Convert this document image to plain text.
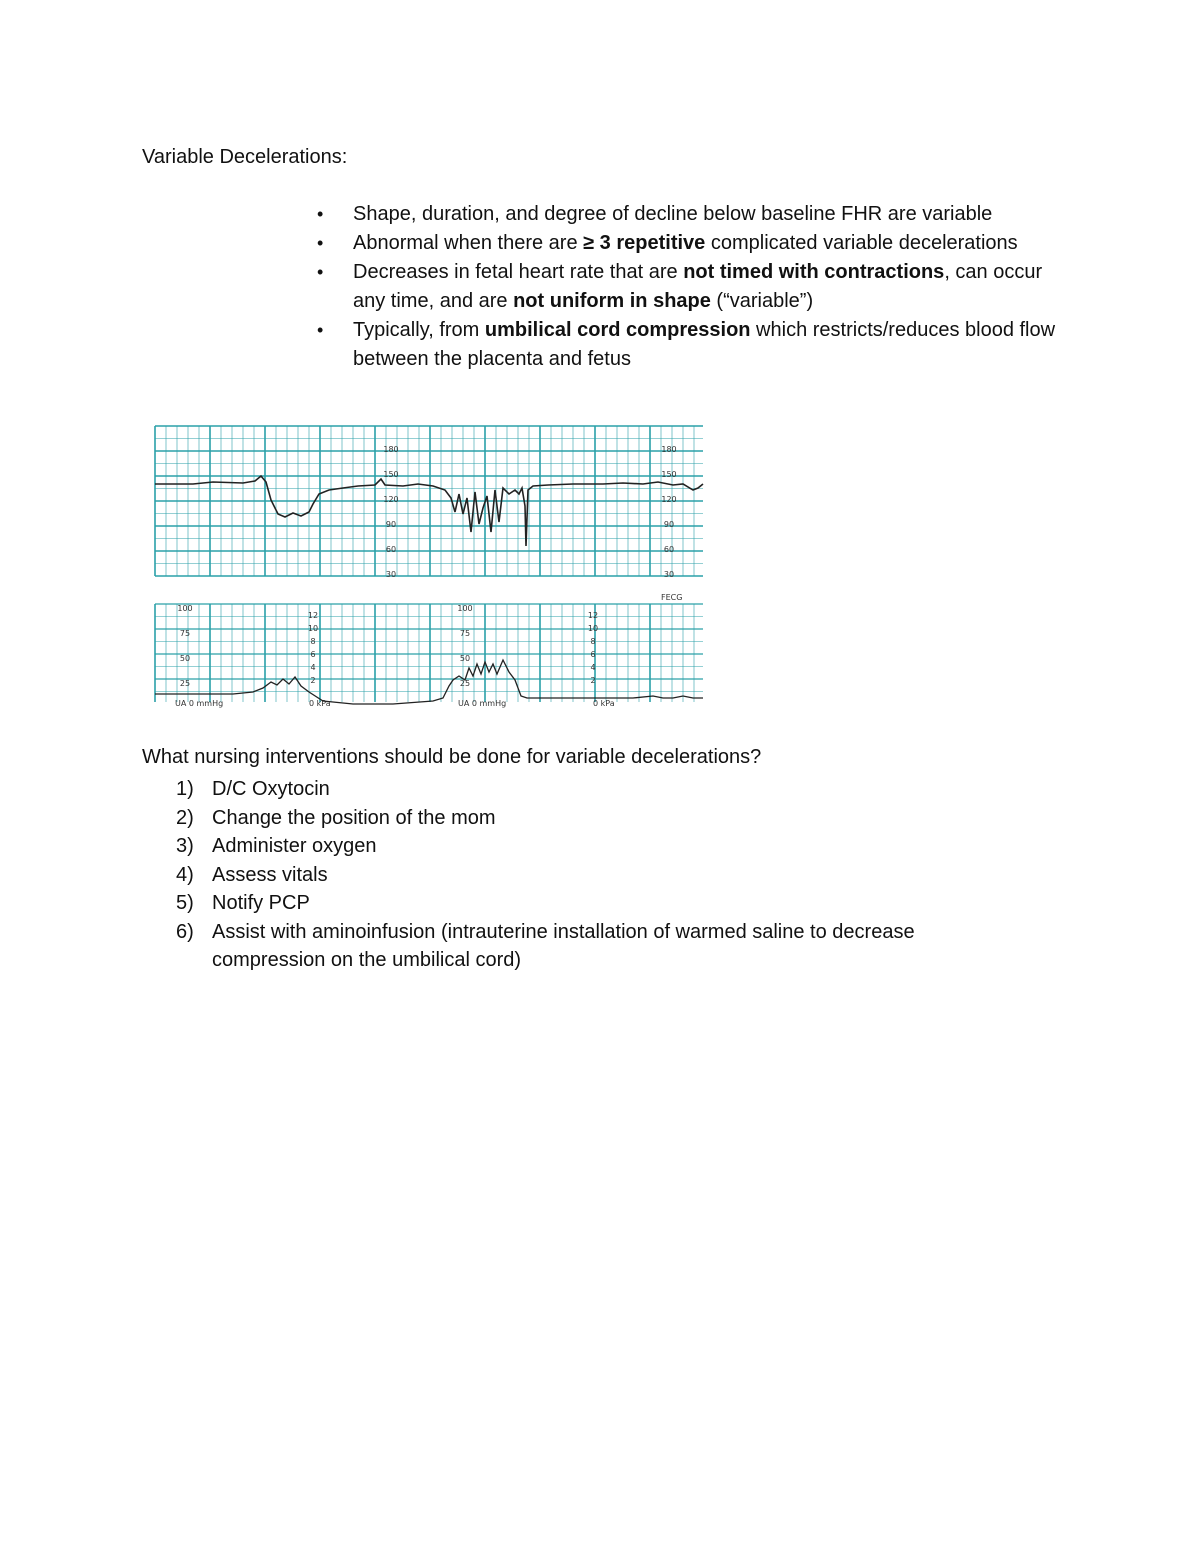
Variable Decelerations:
• Shape, duration, and degree of decline below baseline FHR are variable
• Abnormal when there are ≥ 3 repetitive complicated variable decelerations
• Decreases in fetal heart rate that are not timed with contractions, can occur any time, and are not uniform in shape (“variable”)
• Typically, from umbilical cord compression which restricts/reduces blood flow between the placenta and fetus
180
150
120
90
60
30
180
150
120
90
60
30
100
75
50
25
100
75
50
25
12
10
8
6
4
2
12
10
8
6
4
2
UA 0 mmHg	0 kPa	UA 0 mmHg	0 kPa
FECG
What nursing interventions should be done for variable decelerations?
1) D/C Oxytocin
2) Change the position of the mom
3) Administer oxygen
4) Assess vitals
5) Notify PCP
6) Assist with aminoinfusion (intrauterine installation of warmed saline to decrease compression on the umbilical cord)
